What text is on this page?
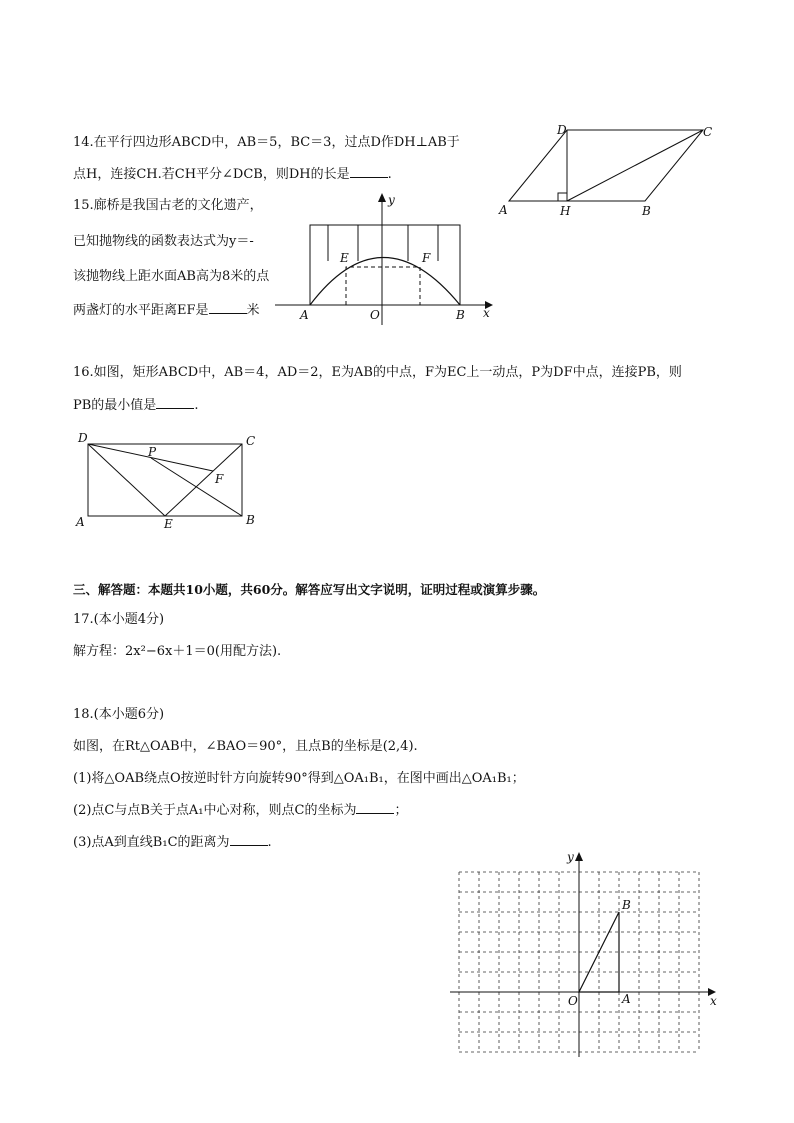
14.在平行四边形ABCD中，AB＝5，BC＝3，过点D作DH⊥AB于
点H，连接CH.若CH平分∠DCB，则DH的长是	.
D	C
A	H	B
15.廊桥是我国古老的文化遗产，
已知抛物线的函数表达式为y＝-
该抛物线上距水面AB高为8米的点
两盏灯的水平距离EF是	米
y
E	F
A	O	B x
16.如图，矩形ABCD中，AB＝4，AD＝2，E为AB的中点，F为EC上一动点，P为DF中点，连接PB，则
PB的最小值是	.
D	C
P
F
A	E	B
三、解答题：本题共10小题，共60分。解答应写出文字说明，证明过程或演算步骤。
17.(本小题4分)
解方程：2x²−6x＋1＝0(用配方法).
18.(本小题6分)
如图，在Rt△OAB中，∠BAO＝90°，且点B的坐标是(2,4).
(1)将△OAB绕点O按逆时针方向旋转90°得到△OA₁B₁，在图中画出△OA₁B₁；
(2)点C与点B关于点A₁中心对称，则点C的坐标为	；
(3)点A到直线B₁C的距离为	.
y
x
O	A
B
